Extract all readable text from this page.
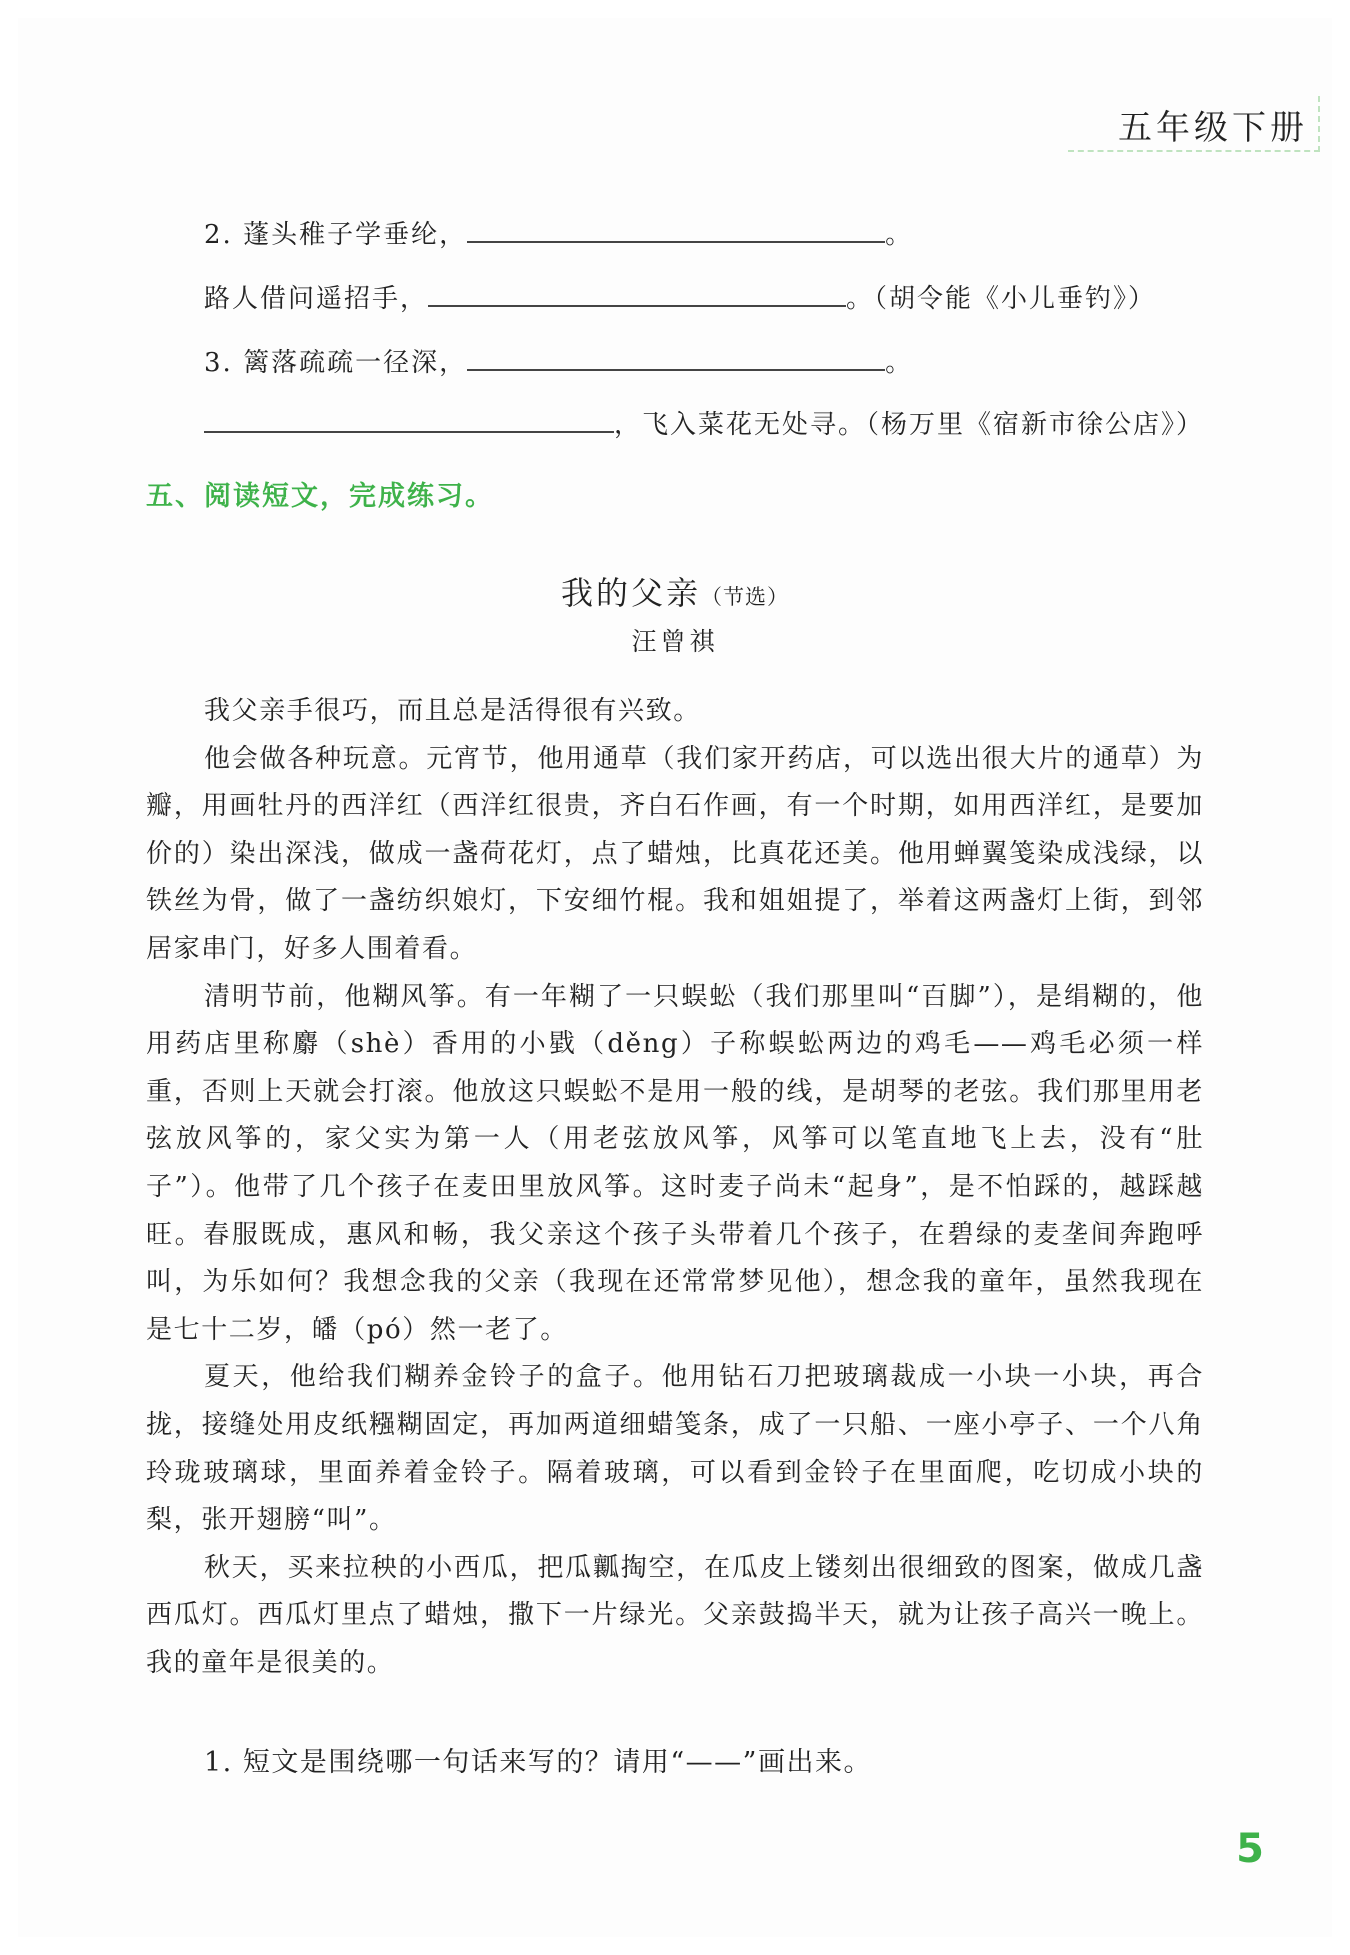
五年级下册
2. 蓬头稚子学垂纶，	。
路人借问遥招手，	。（胡令能《小儿垂钓》）
3. 篱落疏疏一径深，	。
，飞入菜花无处寻。（杨万里《宿新市徐公店》）
五、阅读短文，完成练习。
我的父亲（节选）
汪曾祺

我父亲手很巧，而且总是活得很有兴致。

他会做各种玩意。元宵节，他用通草（我们家开药店，可以选出很大片的通草）为瓣，用画牡丹的西洋红（西洋红很贵，齐白石作画，有一个时期，如用西洋红，是要加价的）染出深浅，做成一盏荷花灯，点了蜡烛，比真花还美。他用蝉翼笺染成浅绿，以铁丝为骨，做了一盏纺织娘灯，下安细竹棍。我和姐姐提了，举着这两盏灯上街，到邻居家串门，好多人围着看。

清明节前，他糊风筝。有一年糊了一只蜈蚣（我们那里叫“百脚”），是绢糊的，他用药店里称麝（shè）香用的小戥（děng）子称蜈蚣两边的鸡毛——鸡毛必须一样重，否则上天就会打滚。他放这只蜈蚣不是用一般的线，是胡琴的老弦。我们那里用老弦放风筝的，家父实为第一人（用老弦放风筝，风筝可以笔直地飞上去，没有“肚子”）。他带了几个孩子在麦田里放风筝。这时麦子尚未“起身”，是不怕踩的，越踩越旺。春服既成，惠风和畅，我父亲这个孩子头带着几个孩子，在碧绿的麦垄间奔跑呼叫，为乐如何？我想念我的父亲（我现在还常常梦见他），想念我的童年，虽然我现在是七十二岁，皤（pó）然一老了。

夏天，他给我们糊养金铃子的盒子。他用钻石刀把玻璃裁成一小块一小块，再合拢，接缝处用皮纸糨糊固定，再加两道细蜡笺条，成了一只船、一座小亭子、一个八角玲珑玻璃球，里面养着金铃子。隔着玻璃，可以看到金铃子在里面爬，吃切成小块的梨，张开翅膀“叫”。

秋天，买来拉秧的小西瓜，把瓜瓤掏空，在瓜皮上镂刻出很细致的图案，做成几盏西瓜灯。西瓜灯里点了蜡烛，撒下一片绿光。父亲鼓捣半天，就为让孩子高兴一晚上。我的童年是很美的。

1. 短文是围绕哪一句话来写的？请用“——”画出来。
5
